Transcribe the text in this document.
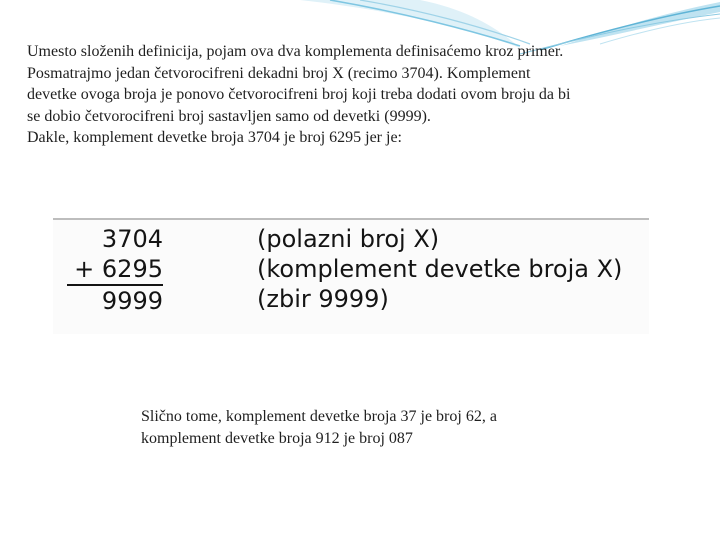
Umesto složenih definicija, pojam ova dva komplementa definisaćemo kroz primer.

Posmatrajmo jedan četvorocifreni dekadni broj X (recimo 3704). Komplement

devetke ovoga broja je ponovo četvorocifreni broj koji treba dodati ovom broju da bi

se dobio četvorocifreni broj sastavljen samo od devetki (9999).

Dakle, komplement devetke broja 3704 je broj 6295 jer je:

3704
+ 6295
9999
(polazni broj X)
(komplement devetke broja X)
(zbir 9999)

Slično tome, komplement devetke broja 37 je broj 62, a

komplement devetke broja 912 je broj 087
